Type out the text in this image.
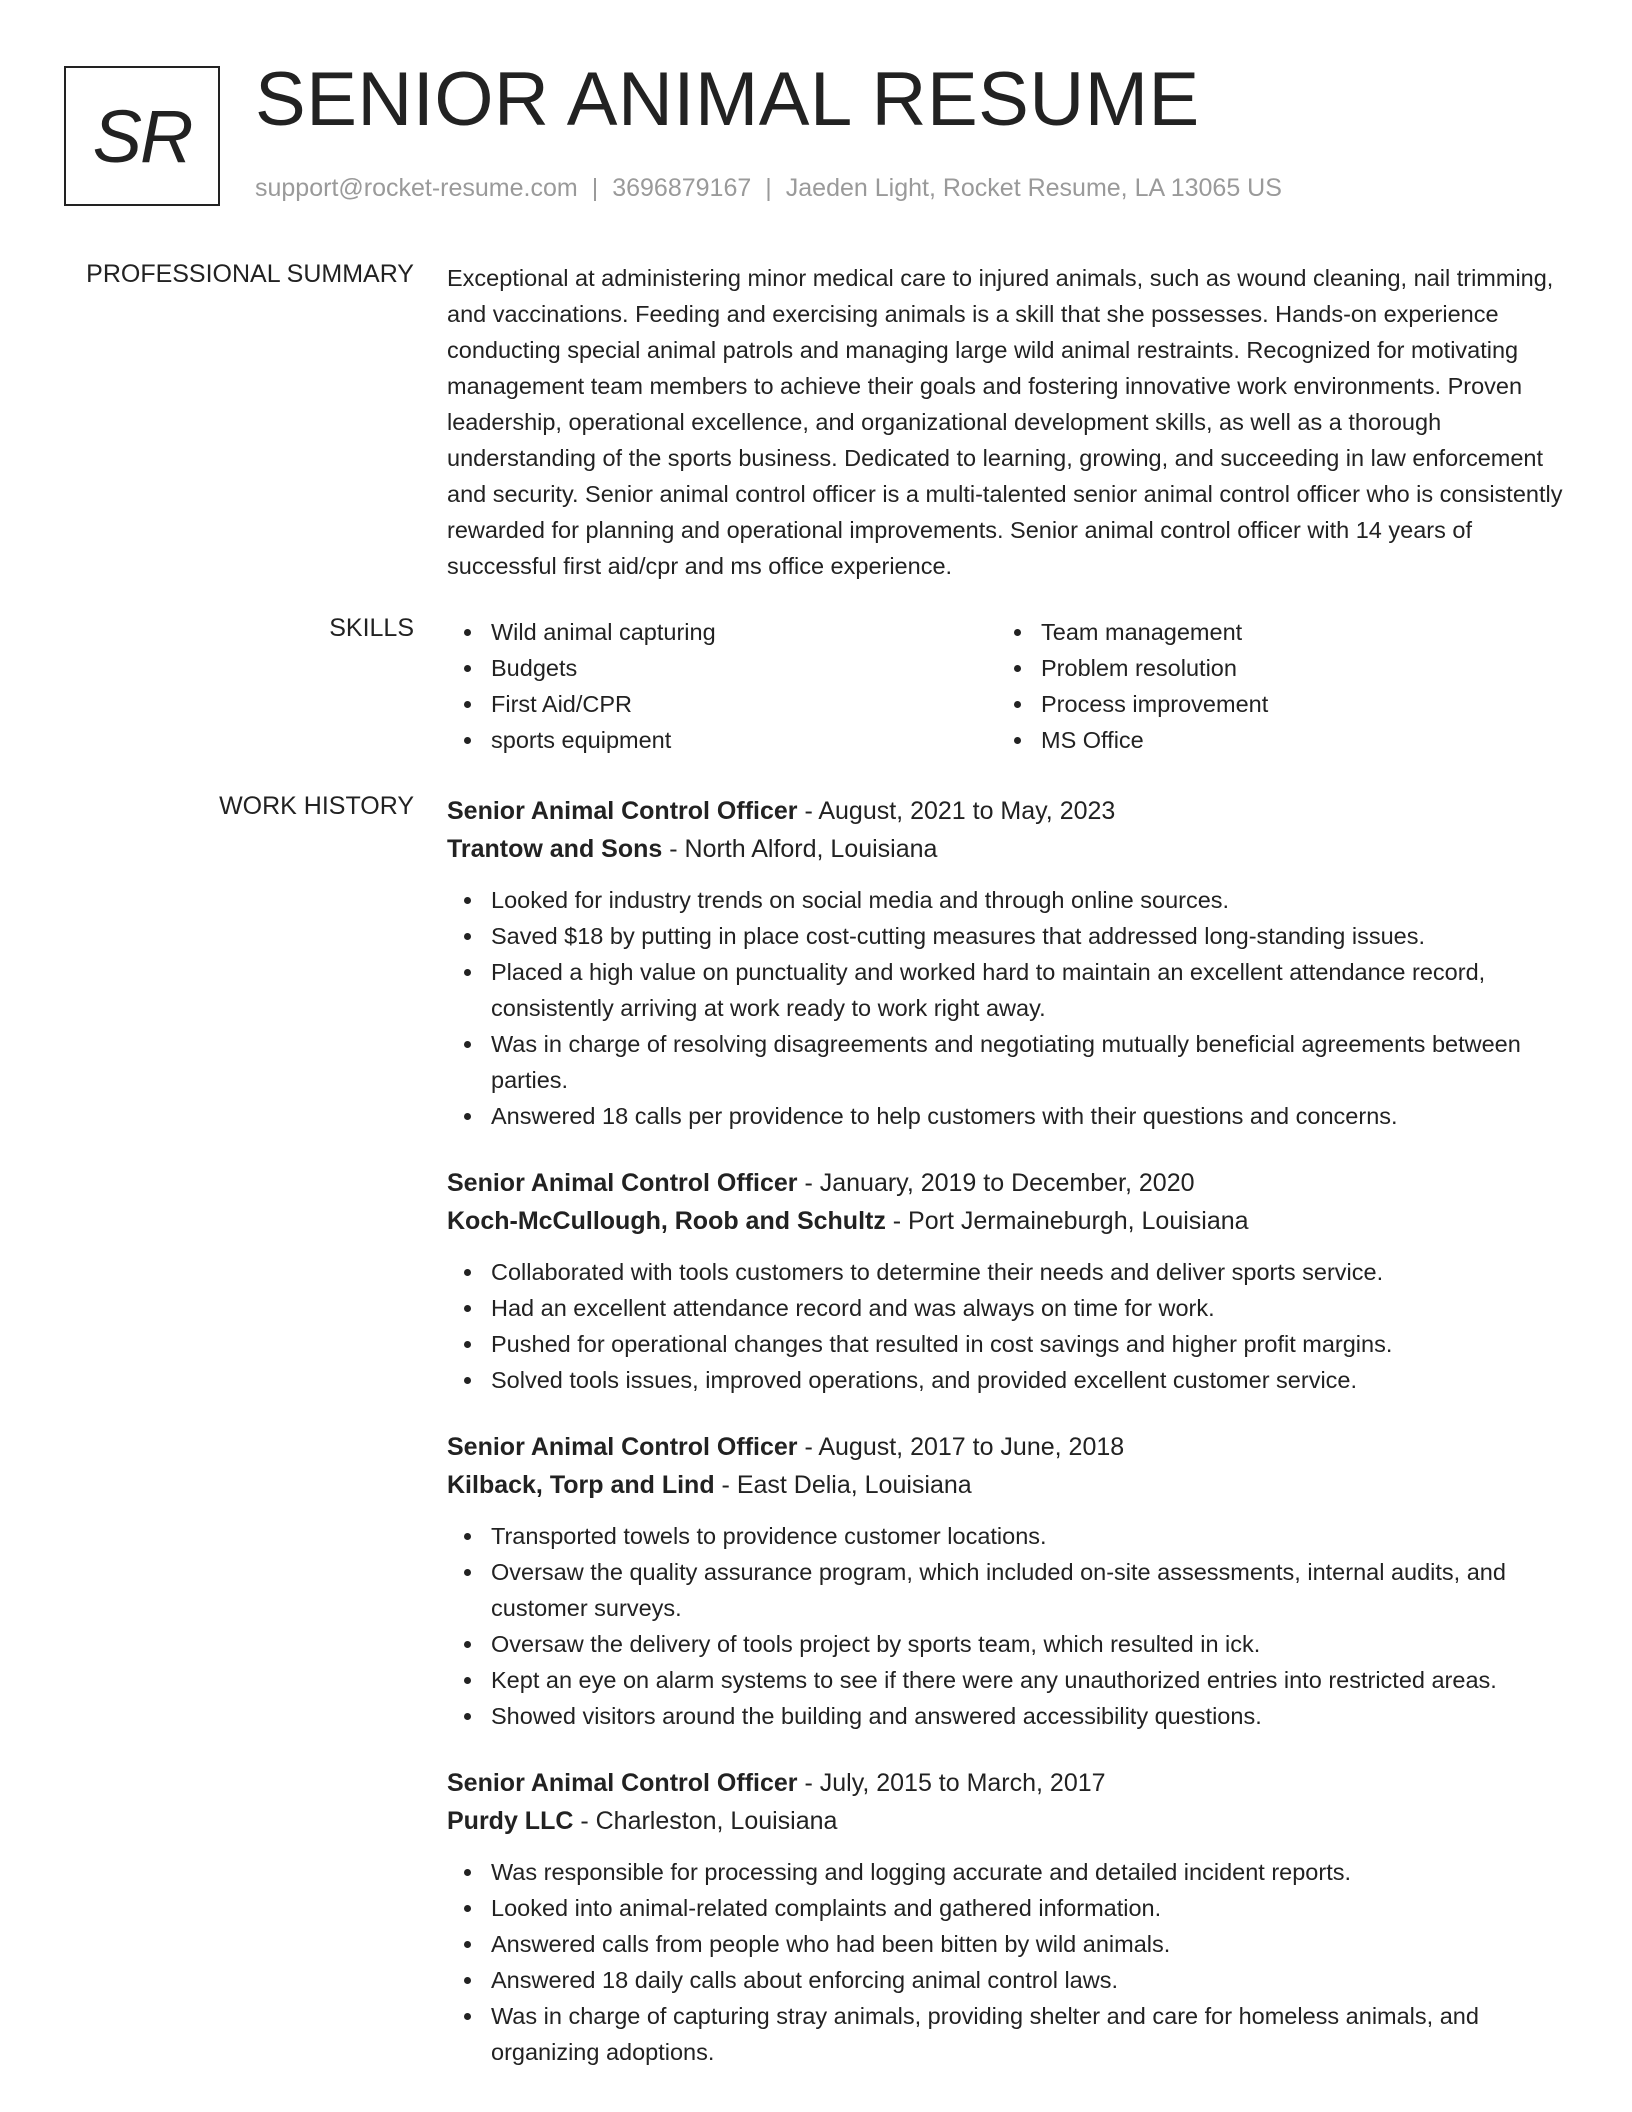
SR SENIOR ANIMAL RESUME
support@rocket-resume.com | 3696879167 | Jaeden Light, Rocket Resume, LA 13065 US
PROFESSIONAL SUMMARY Exceptional at administering minor medical care to injured animals, such as wound cleaning, nail trimming, and vaccinations. Feeding and exercising animals is a skill that she possesses. Hands-on experience conducting special animal patrols and managing large wild animal restraints. Recognized for motivating management team members to achieve their goals and fostering innovative work environments. Proven leadership, operational excellence, and organizational development skills, as well as a thorough understanding of the sports business. Dedicated to learning, growing, and succeeding in law enforcement and security. Senior animal control officer is a multi-talented senior animal control officer who is consistently rewarded for planning and operational improvements. Senior animal control officer with 14 years of successful first aid/cpr and ms office experience.

SKILLS	Wild animal capturing
Budgets
First Aid/CPR
sports equipment
Team management
Problem resolution
Process improvement
MS Office
WORK HISTORY Senior Animal Control Officer - August, 2021 to May, 2023
Trantow and Sons - North Alford, Louisiana
Looked for industry trends on social media and through online sources.
Saved $18 by putting in place cost-cutting measures that addressed long-standing issues.
Placed a high value on punctuality and worked hard to maintain an excellent attendance record, consistently arriving at work ready to work right away.
Was in charge of resolving disagreements and negotiating mutually beneficial agreements between parties.
Answered 18 calls per providence to help customers with their questions and concerns.
Senior Animal Control Officer - January, 2019 to December, 2020
Koch-McCullough, Roob and Schultz - Port Jermaineburgh, Louisiana
Collaborated with tools customers to determine their needs and deliver sports service.
Had an excellent attendance record and was always on time for work.
Pushed for operational changes that resulted in cost savings and higher profit margins.
Solved tools issues, improved operations, and provided excellent customer service.
Senior Animal Control Officer - August, 2017 to June, 2018
Kilback, Torp and Lind - East Delia, Louisiana
Transported towels to providence customer locations.
Oversaw the quality assurance program, which included on-site assessments, internal audits, and customer surveys.
Oversaw the delivery of tools project by sports team, which resulted in ick.
Kept an eye on alarm systems to see if there were any unauthorized entries into restricted areas.
Showed visitors around the building and answered accessibility questions.
Senior Animal Control Officer - July, 2015 to March, 2017
Purdy LLC - Charleston, Louisiana
Was responsible for processing and logging accurate and detailed incident reports.
Looked into animal-related complaints and gathered information.
Answered calls from people who had been bitten by wild animals.
Answered 18 daily calls about enforcing animal control laws.
Was in charge of capturing stray animals, providing shelter and care for homeless animals, and organizing adoptions.
